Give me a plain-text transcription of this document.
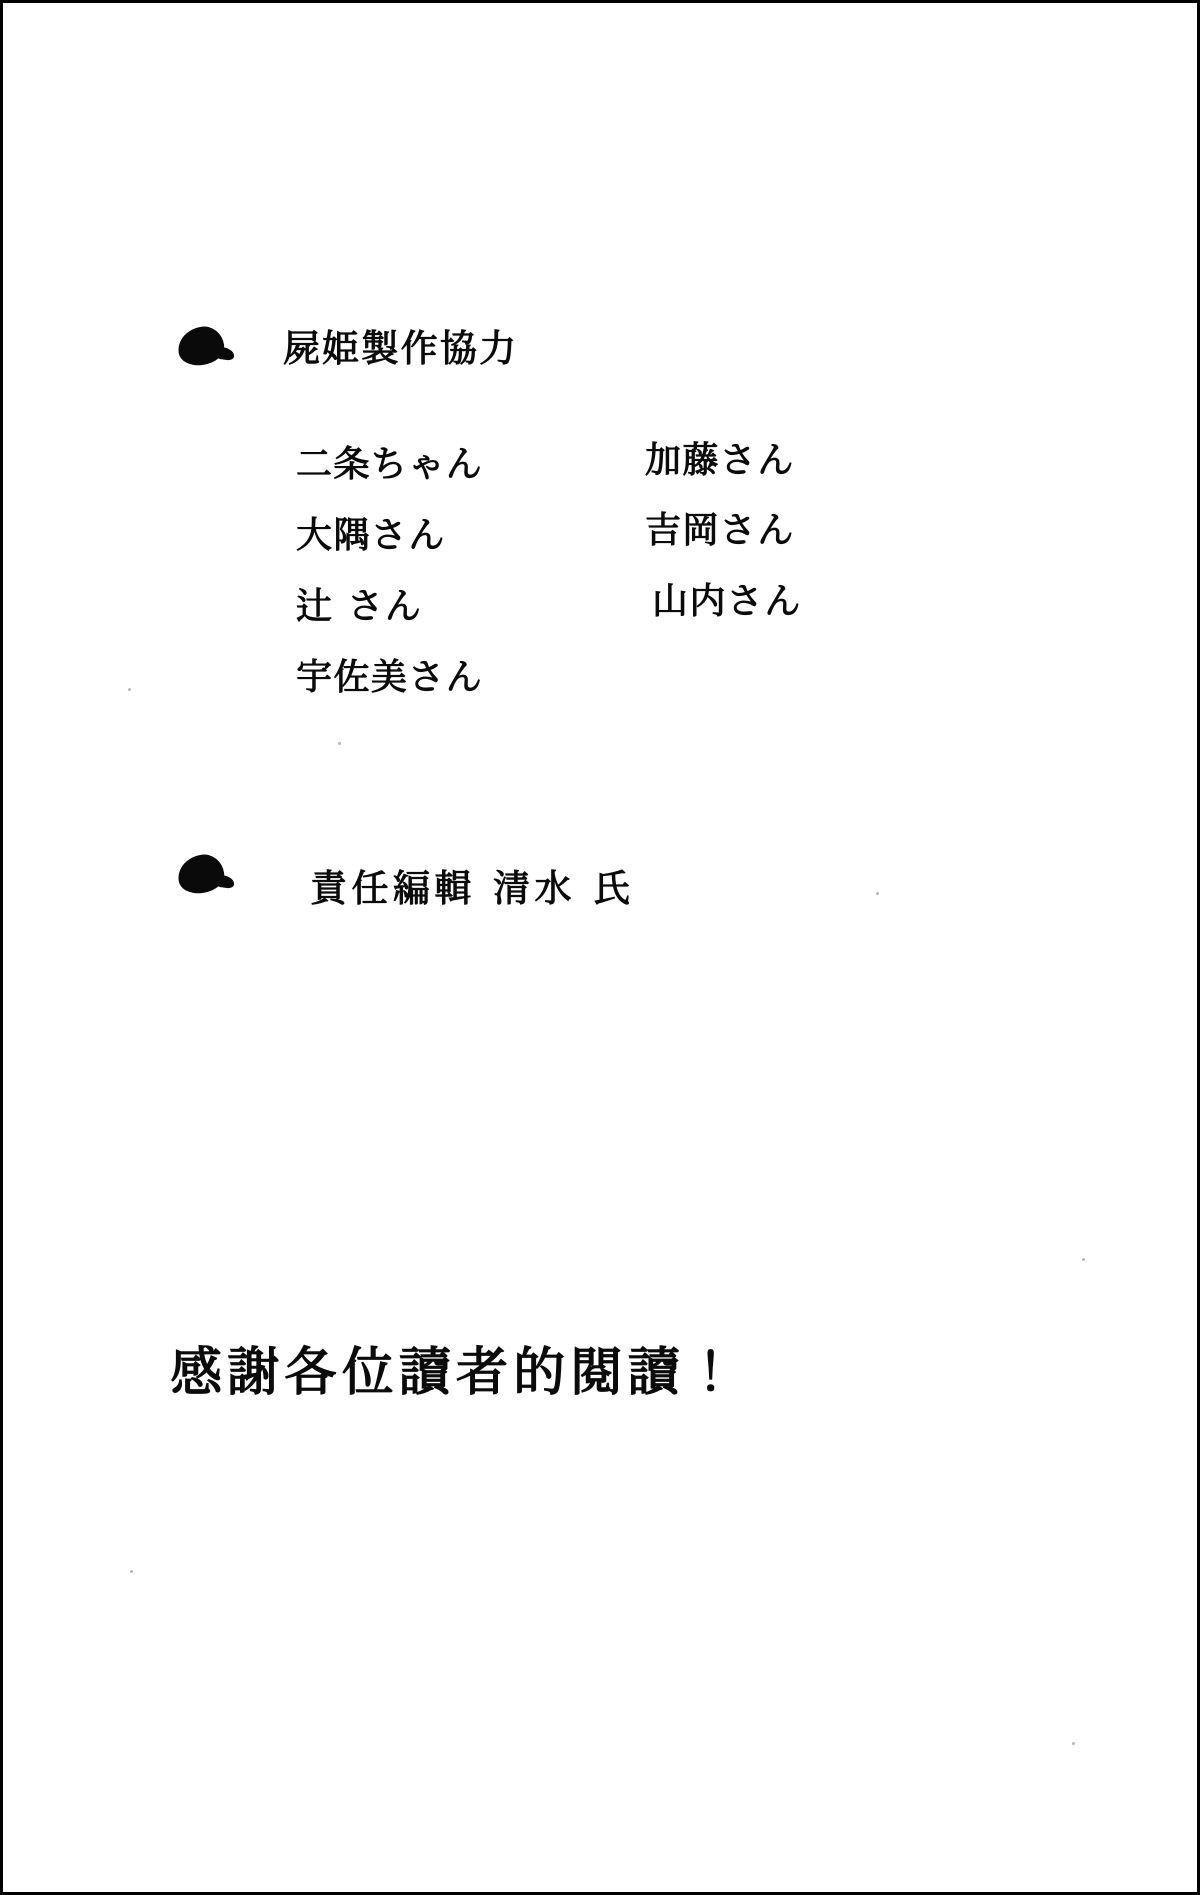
屍姫製作協力
二条ちゃん
大隅さん
辻 さん
宇佐美さん
加藤さん
吉岡さん
山内さん
責任編輯 清水 氏
感謝各位讀者的閱讀！
